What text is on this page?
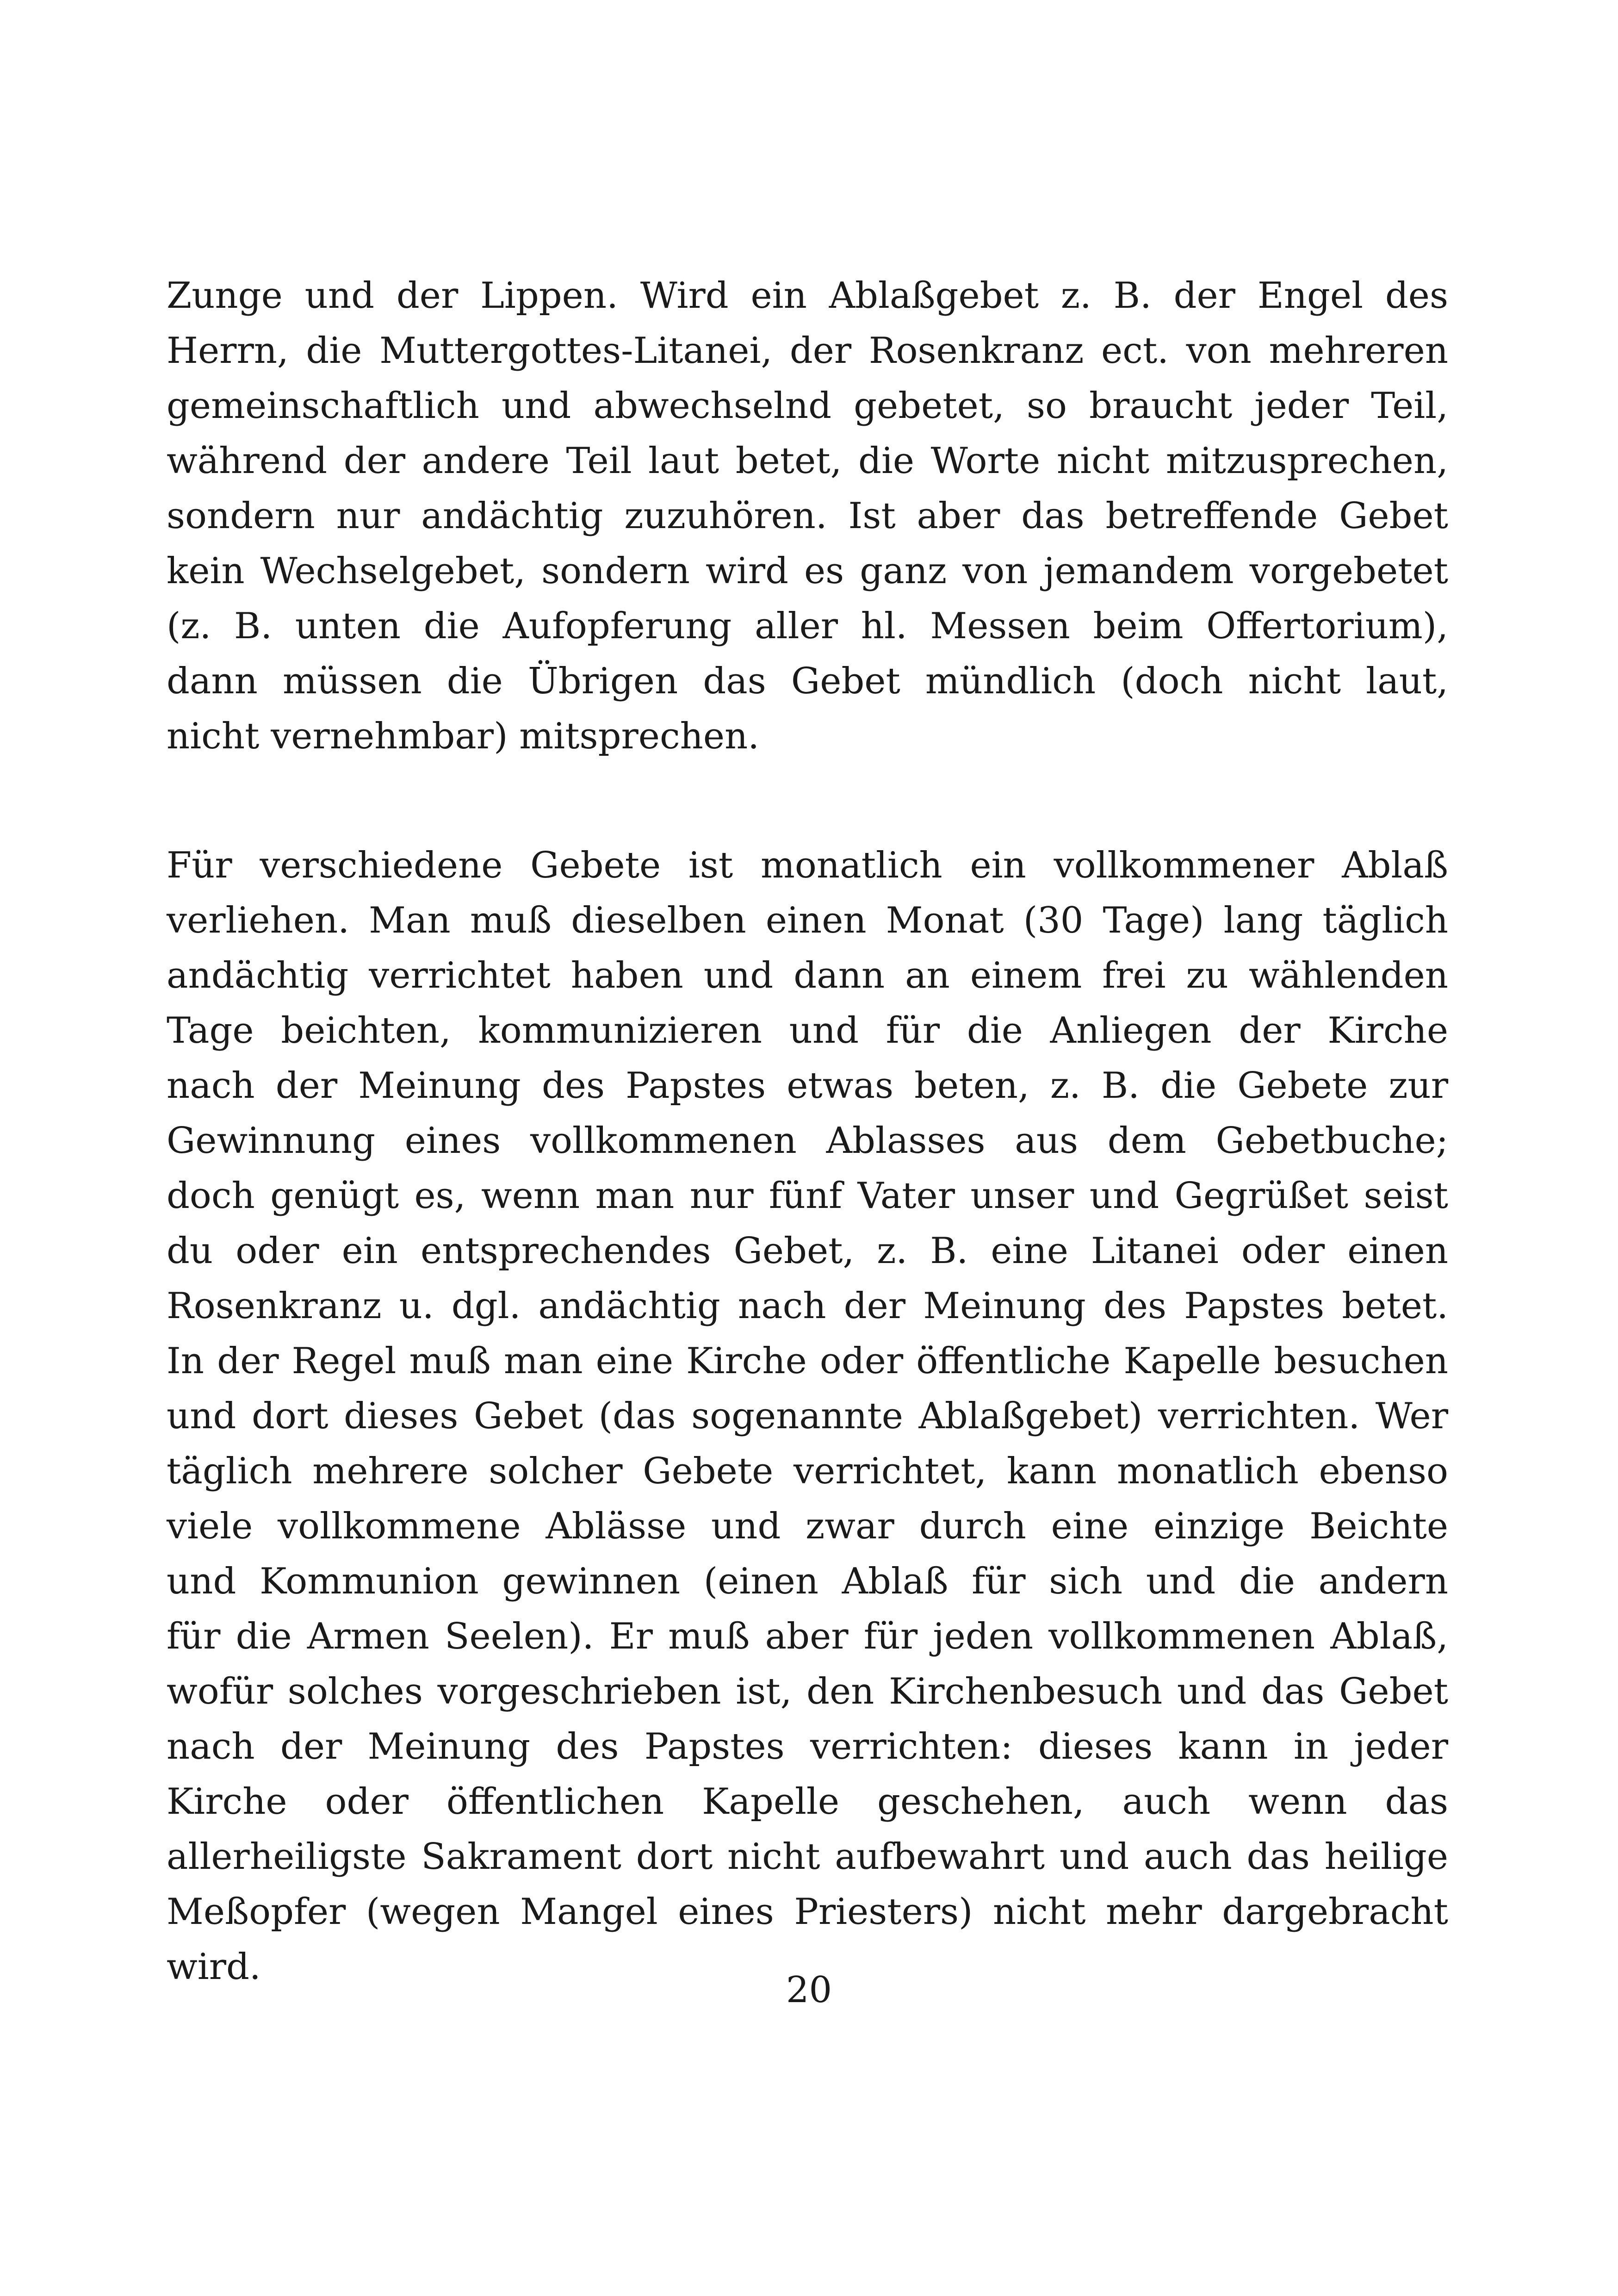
Zunge und der Lippen. Wird ein Ablaßgebet z. B. der Engel des
Herrn, die Muttergottes-Litanei, der Rosenkranz ect. von mehreren
gemeinschaftlich und abwechselnd gebetet, so braucht jeder Teil,
während der andere Teil laut betet, die Worte nicht mitzusprechen,
sondern nur andächtig zuzuhören. Ist aber das betreffende Gebet
kein Wechselgebet, sondern wird es ganz von jemandem vorgebetet
(z. B. unten die Aufopferung aller hl. Messen beim Offertorium),
dann müssen die Übrigen das Gebet mündlich (doch nicht laut,
nicht vernehmbar) mitsprechen.
Für verschiedene Gebete ist monatlich ein vollkommener Ablaß
verliehen. Man muß dieselben einen Monat (30 Tage) lang täglich
andächtig verrichtet haben und dann an einem frei zu wählenden
Tage beichten, kommunizieren und für die Anliegen der Kirche
nach der Meinung des Papstes etwas beten, z. B. die Gebete zur
Gewinnung eines vollkommenen Ablasses aus dem Gebetbuche;
doch genügt es, wenn man nur fünf Vater unser und Gegrüßet seist
du oder ein entsprechendes Gebet, z. B. eine Litanei oder einen
Rosenkranz u. dgl. andächtig nach der Meinung des Papstes betet.
In der Regel muß man eine Kirche oder öffentliche Kapelle besuchen
und dort dieses Gebet (das sogenannte Ablaßgebet) verrichten. Wer
täglich mehrere solcher Gebete verrichtet, kann monatlich ebenso
viele vollkommene Ablässe und zwar durch eine einzige Beichte
und Kommunion gewinnen (einen Ablaß für sich und die andern
für die Armen Seelen). Er muß aber für jeden vollkommenen Ablaß,
wofür solches vorgeschrieben ist, den Kirchenbesuch und das Gebet
nach der Meinung des Papstes verrichten: dieses kann in jeder
Kirche oder öffentlichen Kapelle geschehen, auch wenn das
allerheiligste Sakrament dort nicht aufbewahrt und auch das heilige
Meßopfer (wegen Mangel eines Priesters) nicht mehr dargebracht
wird.
20
